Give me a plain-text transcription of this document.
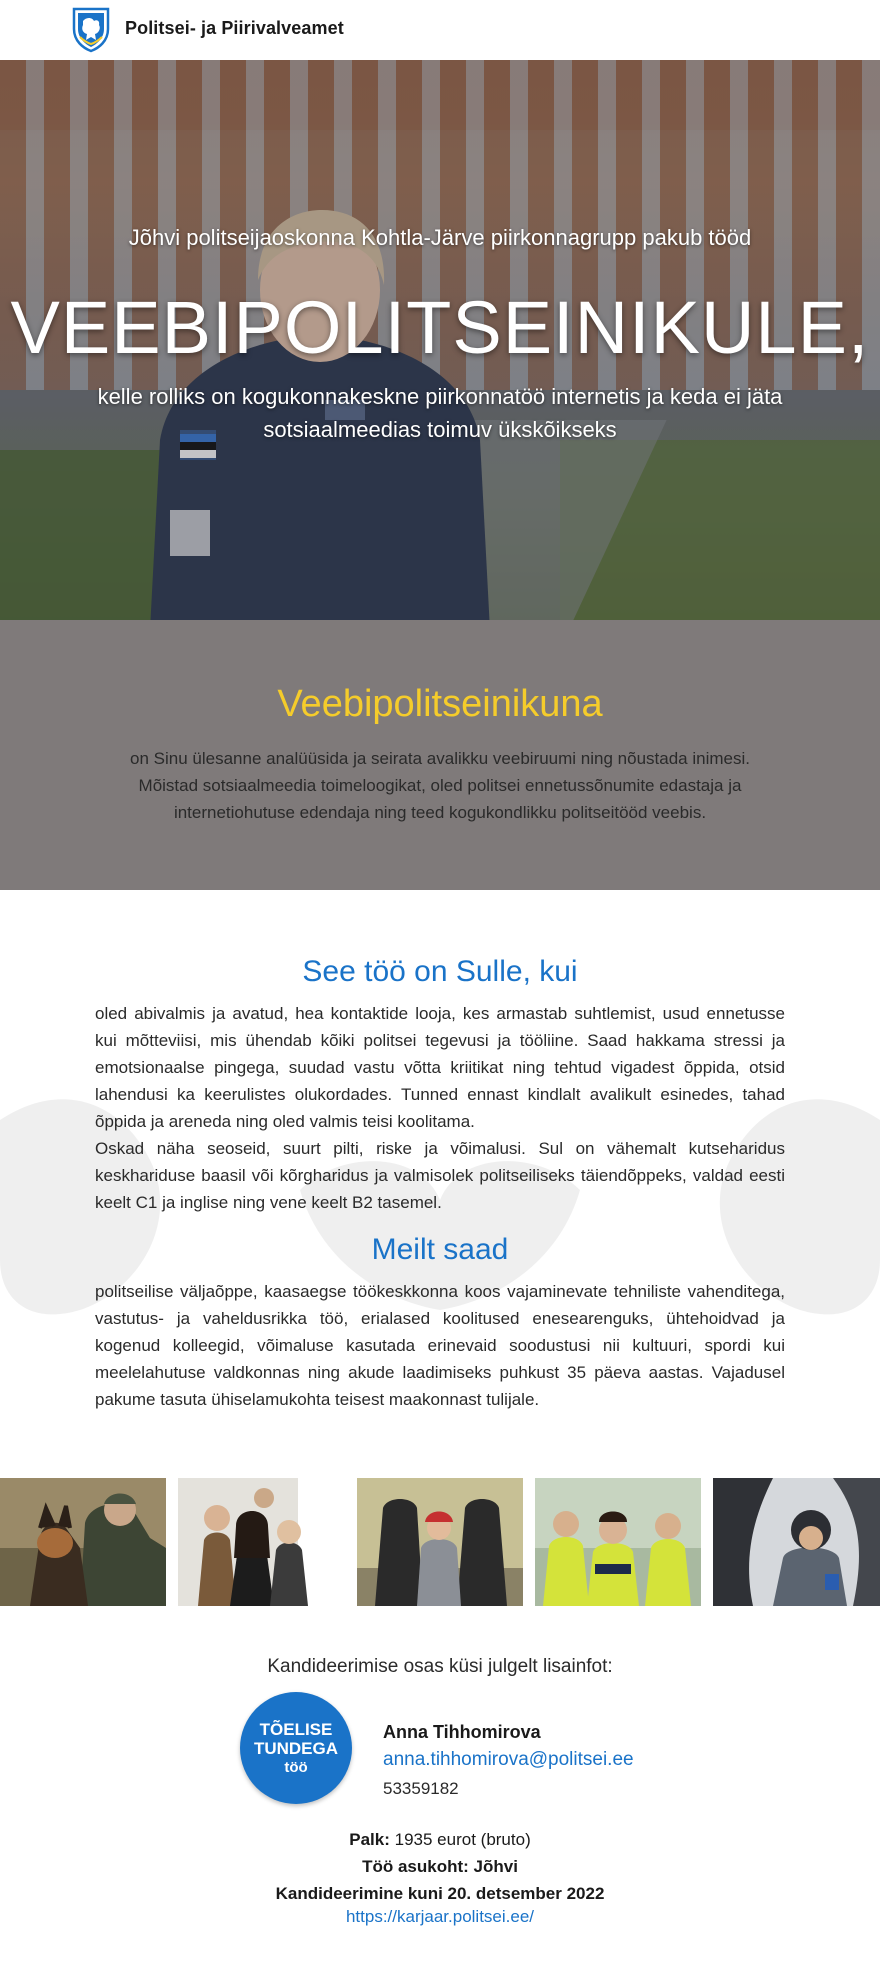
Politsei- ja Piirivalveamet
Jõhvi politseijaoskonna Kohtla-Järve piirkonnagrupp pakub tööd
VEEBIPOLITSEINIKULE,
kelle rolliks on kogukonnakeskne piirkonnatöö internetis ja keda ei jäta sotsiaalmeedias toimuv ükskõikseks
Veebipolitseinikuna
on Sinu ülesanne analüüsida ja seirata avalikku veebiruumi ning nõustada inimesi. Mõistad sotsiaalmeedia toimeloogikat, oled politsei ennetussõnumite edastaja ja internetiohutuse edendaja ning teed kogukondlikku politseitööd veebis.
See töö on Sulle, kui

oled abivalmis ja avatud, hea kontaktide looja, kes armastab suhtlemist, usud ennetusse kui mõtteviisi, mis ühendab kõiki politsei tegevusi ja tööliine. Saad hakkama stressi ja emotsionaalse pingega, suudad vastu võtta kriitikat ning tehtud vigadest õppida, otsid lahendusi ka keerulistes olukordades. Tunned ennast kindlalt avalikult esinedes, tahad õppida ja areneda ning oled valmis teisi koolitama.

Oskad näha seoseid, suurt pilti, riske ja võimalusi. Sul on vähemalt kutseharidus keskhariduse baasil või kõrgharidus ja valmisolek politseiliseks täiendõppeks, valdad eesti keelt C1 ja inglise ning vene keelt B2 tasemel.

Meilt saad

politseilise väljaõppe, kaasaegse töökeskkonna koos vajaminevate tehniliste vahenditega, vastutus- ja vaheldusrikka töö, erialased koolitused enesearenguks, ühtehoidvad ja kogenud kolleegid, võimaluse kasutada erinevaid soodustusi nii kultuuri, spordi kui meelelahutuse valdkonnas ning akude laadimiseks puhkust 35 päeva aastas. Vajadusel pakume tasuta ühiselamukohta teisest maakonnast tulijale.

Kandideerimise osas küsi julgelt lisainfot:
TÕELISE
TUNDEGA
töö
Anna Tihhomirova
anna.tihhomirova@politsei.ee
53359182
Palk: 1935 eurot (bruto)
Töö asukoht: Jõhvi
Kandideerimine kuni 20. detsember 2022
https://karjaar.politsei.ee/
